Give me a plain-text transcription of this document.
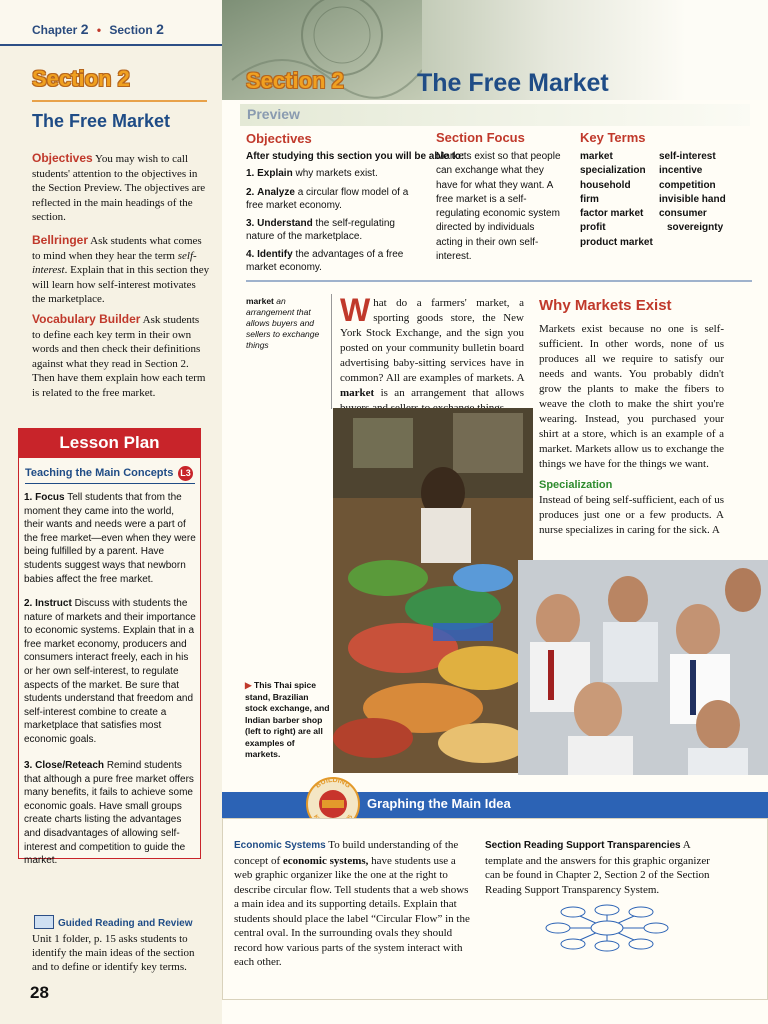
Chapter 2 • Section 2
Section 2
The Free Market
Objectives You may wish to call students' attention to the objectives in the Section Preview. The objectives are reflected in the main headings of the section.
Bellringer Ask students what comes to mind when they hear the term self-interest. Explain that in this section they will learn how self-interest motivates the marketplace.
Vocabulary Builder Ask students to define each key term in their own words and then check their definitions against what they read in Section 2. Then have them explain how each term is related to the free market.
Lesson Plan
Teaching the Main Concepts L3
1. Focus Tell students that from the moment they came into the world, their wants and needs were a part of the free market—even when they were being fulfilled by a parent. Have students suggest ways that newborn babies affect the free market.
2. Instruct Discuss with students the nature of markets and their importance to economic systems. Explain that in a free market economy, producers and consumers interact freely, each in his or her own self-interest, to regulate aspects of the market. Be sure that students understand that freedom and self-interest combine to create a marketplace that satisfies most economic goals.
3. Close/Reteach Remind students that although a pure free market offers many benefits, it fails to achieve some economic goals. Have small groups create charts listing the advantages and disadvantages of allowing self-interest and competition to guide the market.
Guided Reading and Review
Unit 1 folder, p. 15 asks students to identify the main ideas of the section and to define or identify key terms.
28
Section 2	The Free Market
Preview
Objectives
After studying this section you will be able to:
1. Explain why markets exist.
2. Analyze a circular flow model of a free market economy.
3. Understand the self-regulating nature of the marketplace.
4. Identify the advantages of a free market economy.
Section Focus
Markets exist so that people can exchange what they have for what they want. A free market is a self-regulating economic system directed by individuals acting in their own self-interest.
Key Terms
market
specialization
household
firm
factor market
profit
product market
self-interest
incentive
competition
invisible hand
consumer
sovereignty
market an arrangement that allows buyers and sellers to exchange things
What do a farmers' market, a sporting goods store, the New York Stock Exchange, and the sign you posted on your community bulletin board advertising baby-sitting services have in common? All are examples of markets. A market is an arrangement that allows
Why Markets Exist
Markets exist because no one is self-sufficient. In other words, none of us produces all we require to satisfy our needs and wants. You probably didn't grow the plants to make the fibers to weave the cloth to make the shirt you're wearing. Instead, you purchased your shirt at a store, which is an example of a market. Markets allow us to exchange the things we have for the things we want.
Specialization
Instead of being self-sufficient, each of us produces just one or a few products. A nurse specializes in caring for the sick. A
▶ This Thai spice stand, Brazilian stock exchange, and Indian barber shop (left to right) are all examples of markets.
Graphing the Main Idea
BUILDING
Economic Systems To build understanding of the concept of economic systems, have students use a web graphic organizer like the one at the right to describe circular flow. Tell students that a web shows a main idea and its supporting details. Explain that students should place the label “Circular Flow” in the central oval. In the surrounding ovals they should record how various parts of the system interact with each other.
Section Reading Support Transparencies A template and the answers for this graphic organizer can be found in Chapter 2, Section 2 of the Section Reading Support Transparency System.
